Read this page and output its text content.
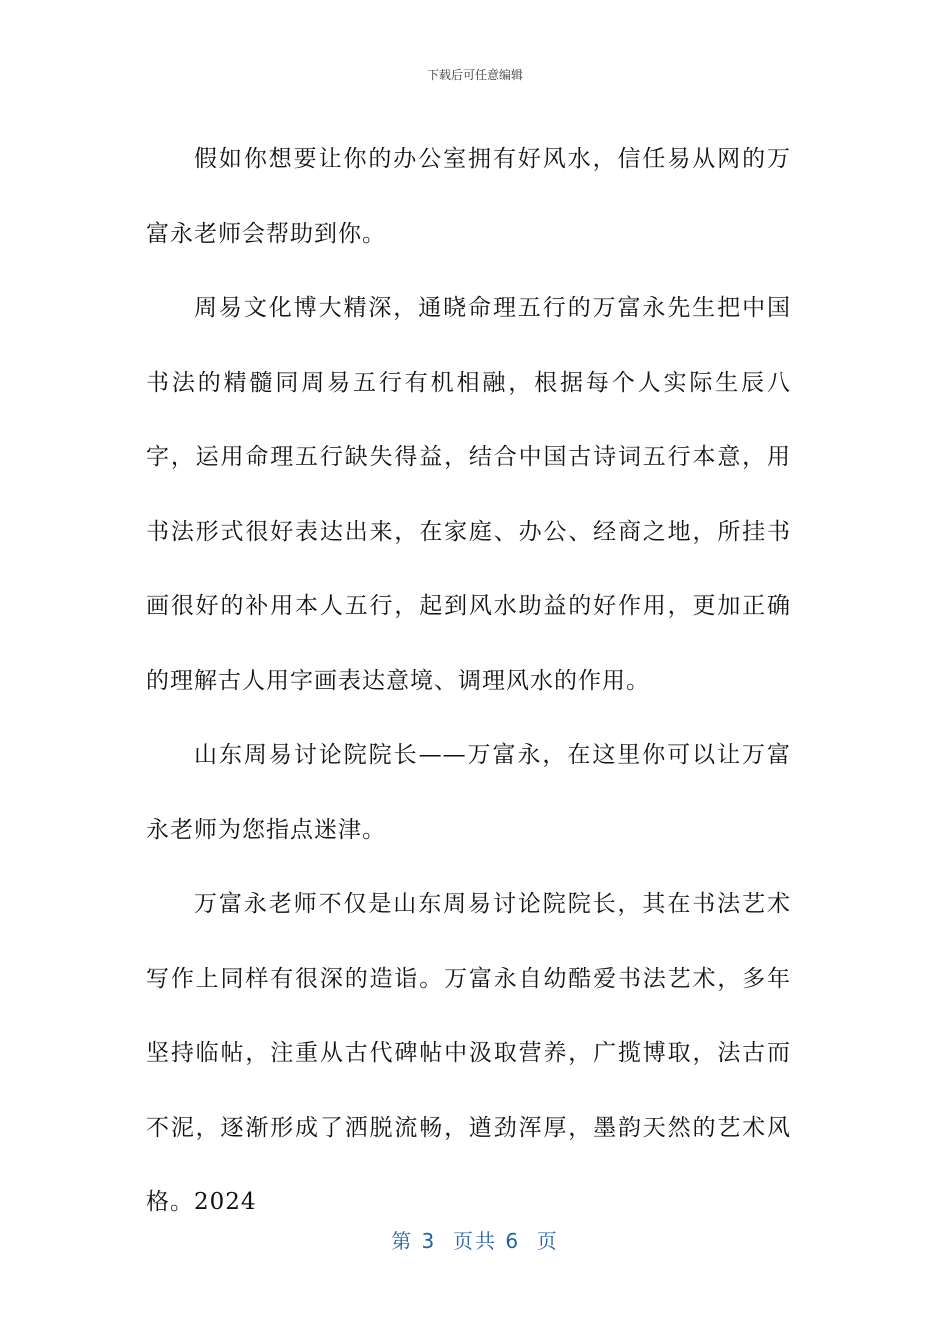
下载后可任意编辑

假如你想要让你的办公室拥有好风水，信任易从网的万富永老师会帮助到你。

周易文化博大精深，通晓命理五行的万富永先生把中国书法的精髓同周易五行有机相融，根据每个人实际生辰八字，运用命理五行缺失得益，结合中国古诗词五行本意，用书法形式很好表达出来，在家庭、办公、经商之地，所挂书画很好的补用本人五行，起到风水助益的好作用，更加正确的理解古人用字画表达意境、调理风水的作用。

山东周易讨论院院长——万富永，在这里你可以让万富永老师为您指点迷津。

万富永老师不仅是山东周易讨论院院长，其在书法艺术写作上同样有很深的造诣。万富永自幼酷爱书法艺术，多年坚持临帖，注重从古代碑帖中汲取营养，广揽博取，法古而不泥，逐渐形成了洒脱流畅，遒劲浑厚，墨韵天然的艺术风格。2024

第 3  页共 6  页
